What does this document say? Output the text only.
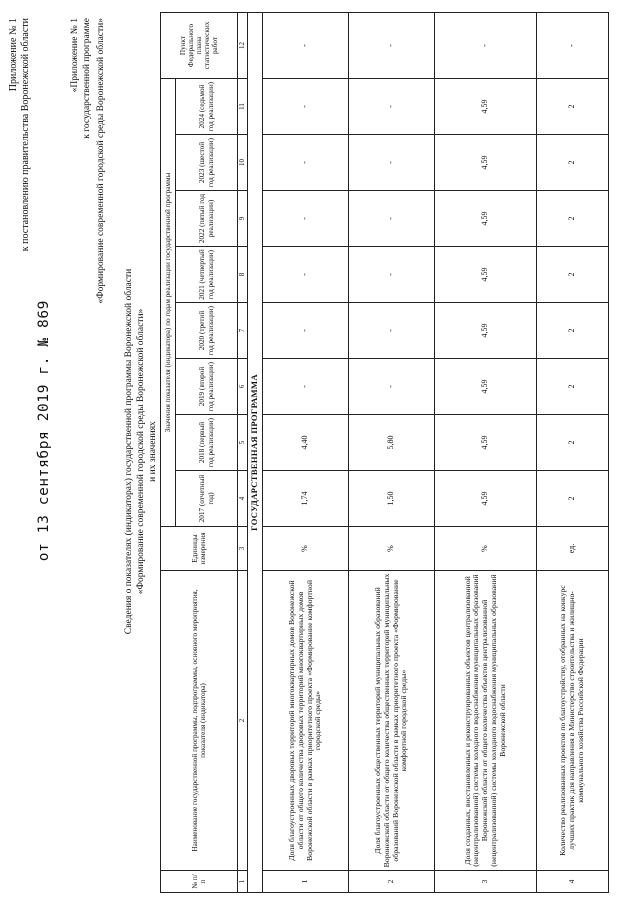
Приложение № 1 к постановлению правительства Воронежской области
от 13 сентября 2019 г. № 869
«Приложение № 1 к государственной программе «Формирование современной городской среды Воронежской области»
Сведения о показателях (индикаторах) государственной программы Воронежской области «Формирование современной городской среды Воронежской области» и их значениях
№ п/п	Наименование государственной программы, подпрограммы, основного мероприятия, показателя (индикатора)	Единицы измерения	Значения показателя (индикатора) по годам реализации государственной программы								Пункт Федерального плана статистических работ
			2017 (отчетный год)	2018 (первый год реализации)	2019 (второй год реализации)	2020 (третий год реализации)	2021 (четвертый год реализации)	2022 (пятый год реализации)	2023 (шестой год реализации)	2024 (седьмой год реализации)	
1	2	3	4	5	6	7	8	9	10	11	12
ГОСУДАРСТВЕННАЯ ПРОГРАММА											
1	Доля благоустроенных дворовых территорий многоквартирных домов Воронежской области от общего количества дворовых территорий многоквартирных домов Воронежской области в рамках приоритетного проекта «Формирование комфортной городской среды»	%	1,74	4,40	-	-	-	-	-	-	-
2	Доля благоустроенных общественных территорий муниципальных образований Воронежской области от общего количества общественных территорий муниципальных образований Воронежской области в рамках приоритетного проекта «Формирование комфортной городской среды»	%	1,50	5,80	-	-	-	-	-	-	-
3	Доля созданных, восстановленных и реконструированных объектов централизованной (нецентрализованной) системы холодного водоснабжения муниципальных образований Воронежской области от общего количества объектов централизованной (нецентрализованной) системы холодного водоснабжения муниципальных образований Воронежской области	%	4,59	4,59	4,59	4,59	4,59	4,59	4,59	4,59	-
4	Количество реализованных проектов по благоустройству, отобранных на конкурс лучших практик для направления в Министерство строительства и жилищно-коммунального хозяйства Российской Федерации	ед.	2	2	2	2	2	2	2	2	-
